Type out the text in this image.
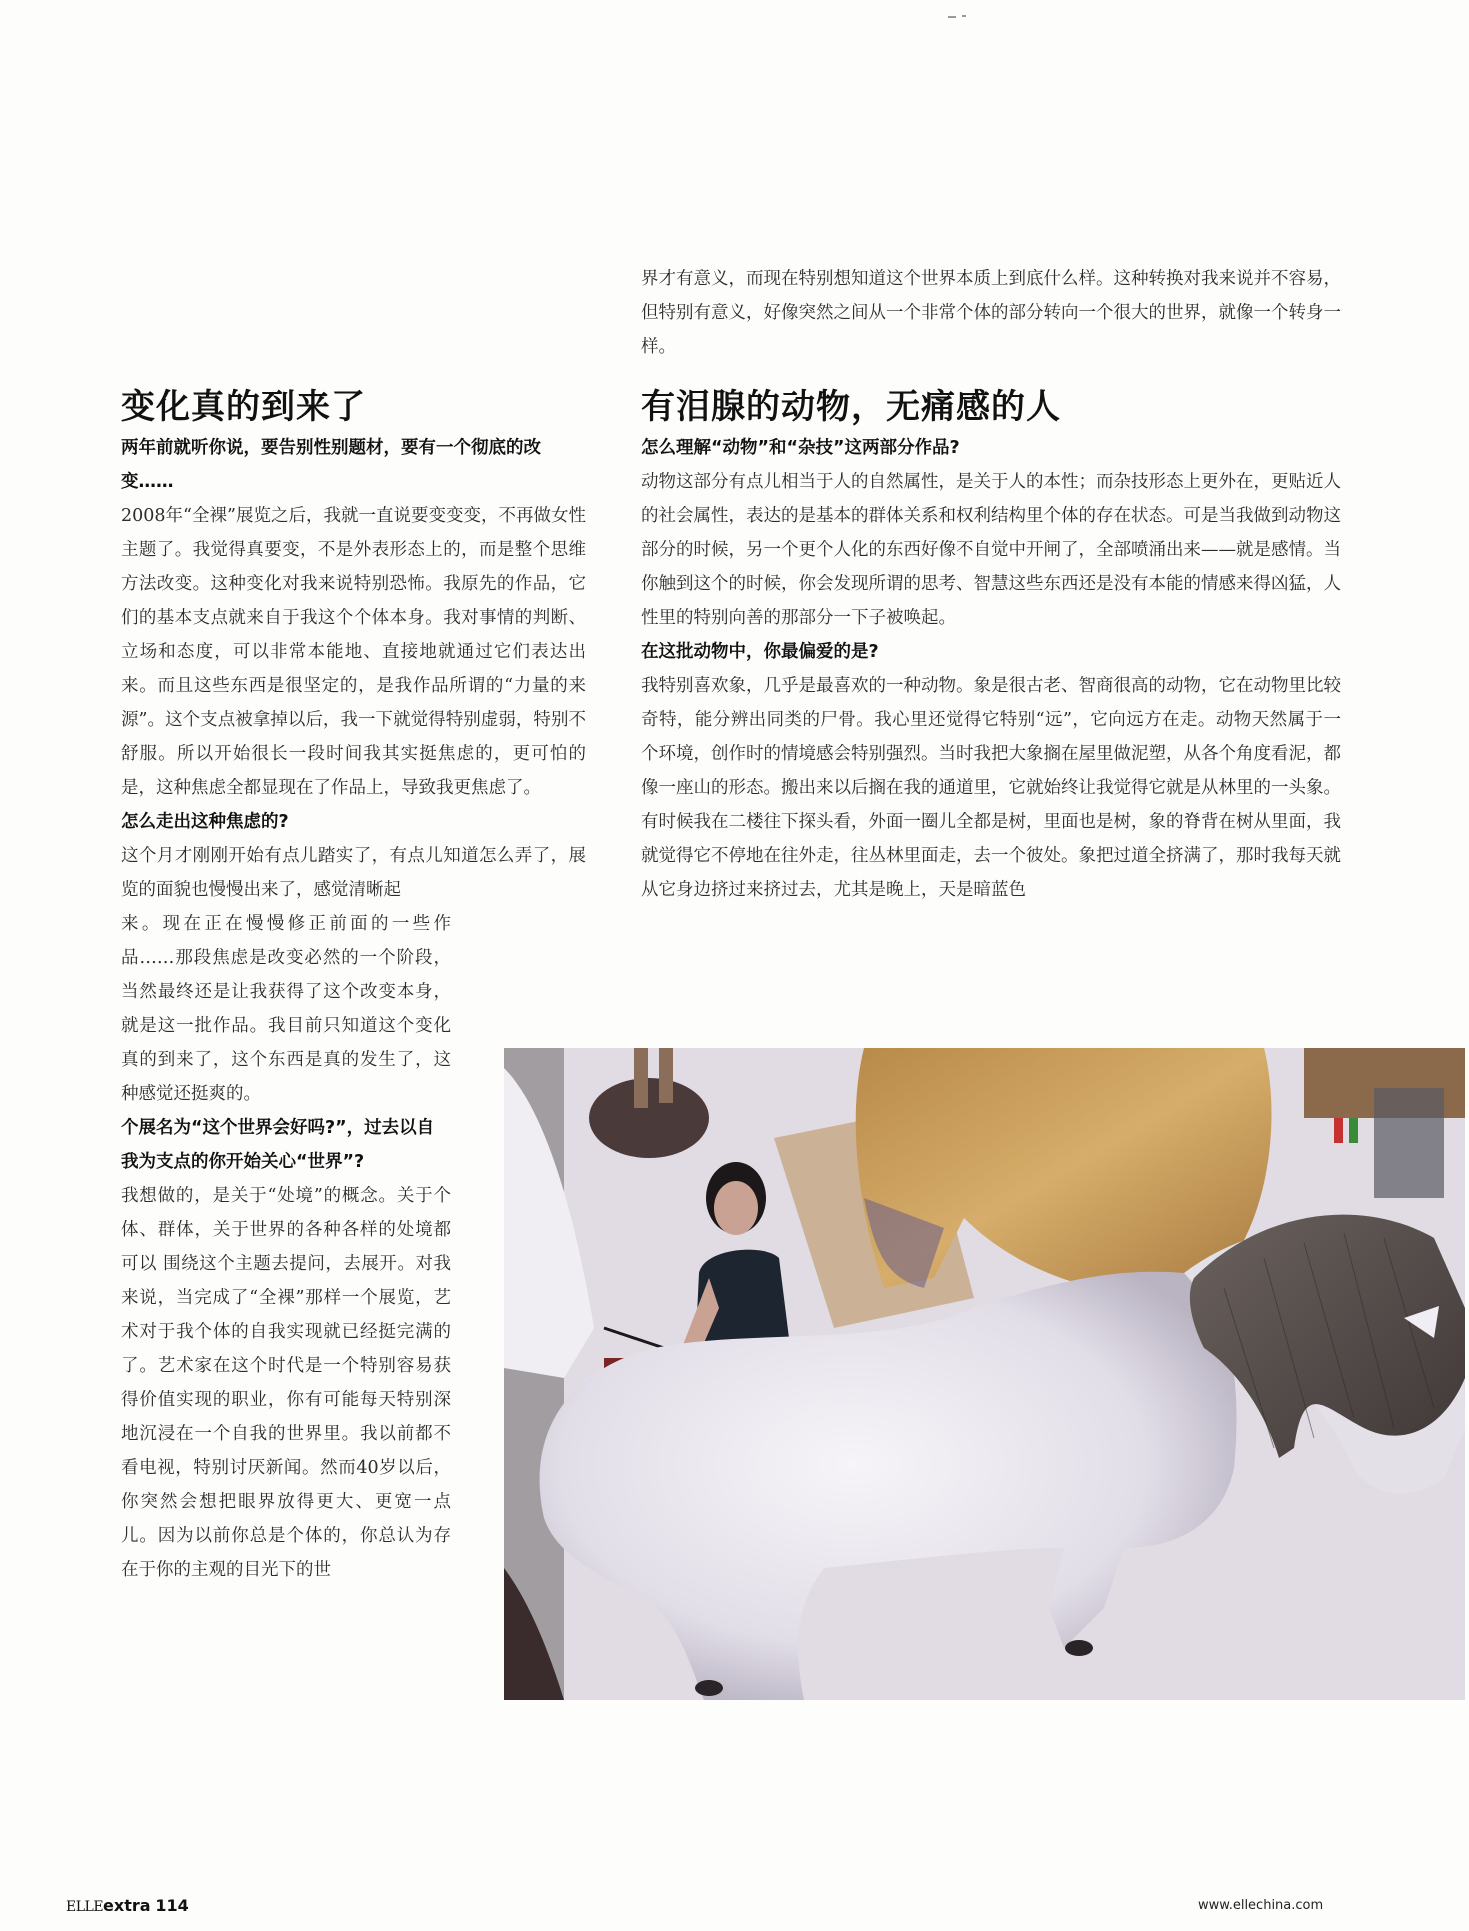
界才有意义，而现在特别想知道这个世界本质上到底什么样。这种转换对我来说并不容易，但特别有意义，好像突然之间从一个非常个体的部分转向一个很大的世界，就像一个转身一样。

变化真的到来了

两年前就听你说，要告别性别题材，要有一个彻底的改变……

2008年“全裸”展览之后，我就一直说要变变变，不再做女性主题了。我觉得真要变，不是外表形态上的，而是整个思维方法改变。这种变化对我来说特别恐怖。我原先的作品，它们的基本支点就来自于我这个个体本身。我对事情的判断、立场和态度，可以非常本能地、直接地就通过它们表达出来。而且这些东西是很坚定的，是我作品所谓的“力量的来源”。这个支点被拿掉以后，我一下就觉得特别虚弱，特别不舒服。所以开始很长一段时间我其实挺焦虑的，更可怕的是，这种焦虑全都显现在了作品上，导致我更焦虑了。

怎么走出这种焦虑的?

这个月才刚刚开始有点儿踏实了，有点儿知道怎么弄了，展览的面貌也慢慢出来了，感觉清晰起

来。现在正在慢慢修正前面的一些作品……那段焦虑是改变必然的一个阶段，当然最终还是让我获得了这个改变本身，就是这一批作品。我目前只知道这个变化真的到来了，这个东西是真的发生了，这种感觉还挺爽的。

个展名为“这个世界会好吗?”，过去以自我为支点的你开始关心“世界”?

我想做的，是关于“处境”的概念。关于个体、群体，关于世界的各种各样的处境都可以 围绕这个主题去提问，去展开。对我来说，当完成了“全裸”那样一个展览，艺术对于我个体的自我实现就已经挺完满的了。艺术家在这个时代是一个特别容易获得价值实现的职业，你有可能每天特别深地沉浸在一个自我的世界里。我以前都不看电视，特别讨厌新闻。然而40岁以后，你突然会想把眼界放得更大、更宽一点儿。因为以前你总是个体的，你总认为存在于你的主观的目光下的世

有泪腺的动物，无痛感的人

怎么理解“动物”和“杂技”这两部分作品?

动物这部分有点儿相当于人的自然属性，是关于人的本性；而杂技形态上更外在，更贴近人的社会属性，表达的是基本的群体关系和权利结构里个体的存在状态。可是当我做到动物这部分的时候，另一个更个人化的东西好像不自觉中开闸了，全部喷涌出来——就是感情。当你触到这个的时候，你会发现所谓的思考、智慧这些东西还是没有本能的情感来得凶猛，人性里的特别向善的那部分一下子被唤起。

在这批动物中，你最偏爱的是?

我特别喜欢象，几乎是最喜欢的一种动物。象是很古老、智商很高的动物，它在动物里比较奇特，能分辨出同类的尸骨。我心里还觉得它特别“远”，它向远方在走。动物天然属于一个环境，创作时的情境感会特别强烈。当时我把大象搁在屋里做泥塑，从各个角度看泥，都像一座山的形态。搬出来以后搁在我的通道里，它就始终让我觉得它就是从林里的一头象。有时候我在二楼往下探头看，外面一圈儿全都是树，里面也是树，象的脊背在树从里面，我就觉得它不停地在往外走，往丛林里面走，去一个彼处。象把过道全挤满了，那时我每天就从它身边挤过来挤过去，尤其是晚上，天是暗蓝色

ELLEextra 114	www.ellechina.com
